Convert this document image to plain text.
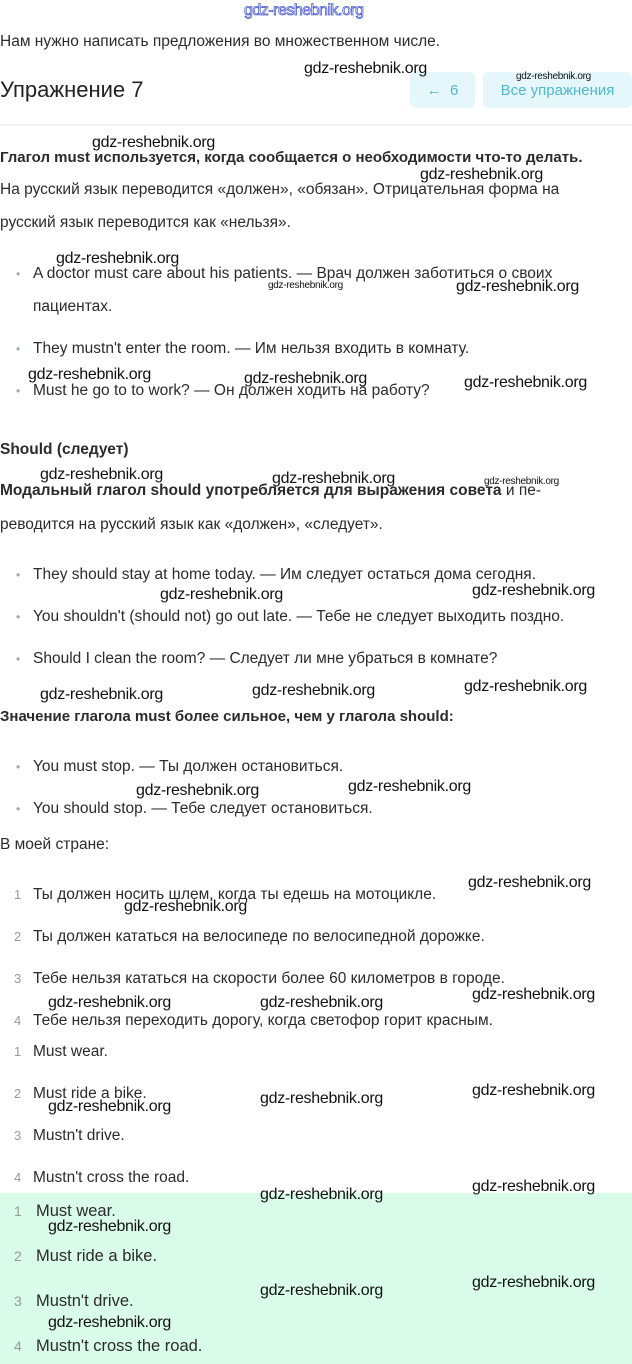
gdz-reshebnik.org
Нам нужно написать предложения во множественном числе.
Упражнение 7	← 6	Все упражнения
Глагол must используется, когда сообщается о необходимости что-то делать.
На русский язык переводится «должен», «обязан». Отрицательная форма на
русский язык переводится как «нельзя».
• A doctor must care about his patients. — Врач должен заботиться о своих
пациентах.
• They mustn't enter the room. — Им нельзя входить в комнату.
• Must he go to to work? — Он должен ходить на работу?
Should (следует)
Модальный глагол should употребляется для выражения совета и пе-
реводится на русский язык как «должен», «следует».
• They should stay at home today. — Им следует остаться дома сегодня.
• You shouldn't (should not) go out late. — Тебе не следует выходить поздно.
• Should I clean the room? — Следует ли мне убраться в комнате?
Значение глагола must более сильное, чем у глагола should:
• You must stop. — Ты должен остановиться.
• You should stop. — Тебе следует остановиться.
В моей стране:
1 Ты должен носить шлем, когда ты едешь на мотоцикле.
2 Ты должен кататься на велосипеде по велосипедной дорожке.
3 Тебе нельзя кататься на скорости более 60 километров в городе.
4 Тебе нельзя переходить дорогу, когда светофор горит красным.
1 Must wear.
2 Must ride a bike.
3 Mustn't drive.
4 Mustn't cross the road.
1 Must wear.
2 Must ride a bike.
3 Mustn't drive.
4 Mustn't cross the road.
gdz-reshebnik.org	gdz-reshebnik.org
gdz-reshebnik.org
gdz-reshebnik.org
gdz-reshebnik.org
gdz-reshebnik.org	gdz-reshebnik.org
gdz-reshebnik.org	gdz-reshebnik.org	gdz-reshebnik.org
gdz-reshebnik.org	gdz-reshebnik.org	gdz-reshebnik.org
gdz-reshebnik.org	gdz-reshebnik.org
gdz-reshebnik.org	gdz-reshebnik.org	gdz-reshebnik.org
gdz-reshebnik.org	gdz-reshebnik.org
gdz-reshebnik.org
gdz-reshebnik.org
gdz-reshebnik.org	gdz-reshebnik.org	gdz-reshebnik.org
gdz-reshebnik.org	gdz-reshebnik.org	gdz-reshebnik.org
gdz-reshebnik.org	gdz-reshebnik.org
gdz-reshebnik.org
gdz-reshebnik.org	gdz-reshebnik.org
gdz-reshebnik.org
